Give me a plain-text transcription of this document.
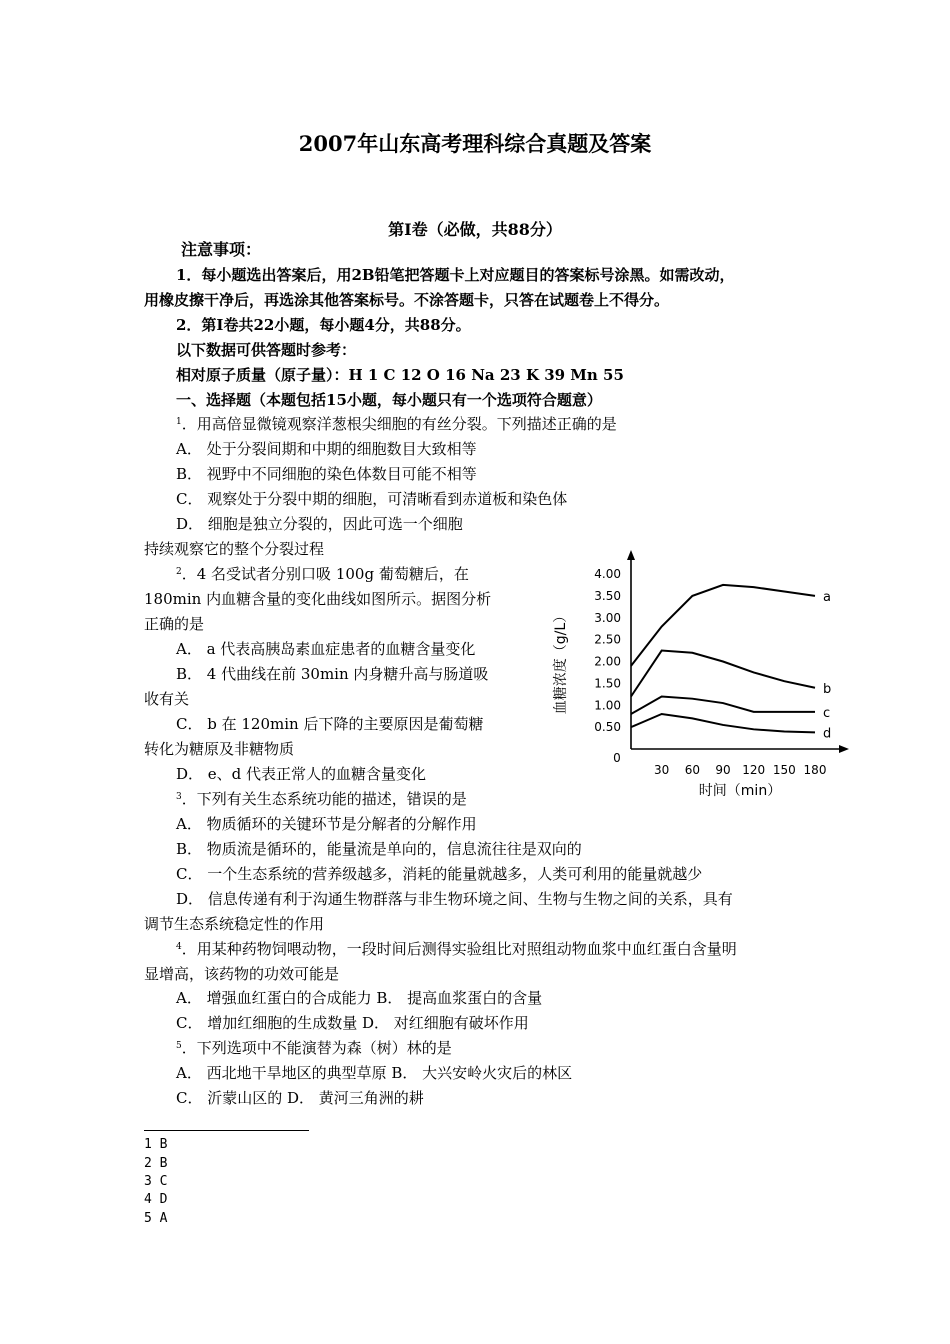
2007年山东高考理科综合真题及答案
第Ⅰ卷（必做，共88分）
注意事项：
1．每小题选出答案后，用2B铅笔把答题卡上对应题目的答案标号涂黑。如需改动，
用橡皮擦干净后，再选涂其他答案标号。不涂答题卡，只答在试题卷上不得分。
2．第Ⅰ卷共22小题，每小题4分，共88分。
以下数据可供答题时参考：
相对原子质量（原子量）：H 1 C 12 O 16 Na 23 K 39 Mn 55
一、选择题（本题包括15小题，每小题只有一个选项符合题意）
$^1$．用高倍显微镜观察洋葱根尖细胞的有丝分裂。下列描述正确的是
A． 处于分裂间期和中期的细胞数目大致相等
B． 视野中不同细胞的染色体数目可能不相等
C． 观察处于分裂中期的细胞，可清晰看到赤道板和染色体
D． 细胞是独立分裂的，因此可选一个细胞
持续观察它的整个分裂过程
$^2$．4 名受试者分别口吸 100g 葡萄糖后，在
180min 内血糖含量的变化曲线如图所示。据图分析
正确的是
A． a 代表高胰岛素血症患者的血糖含量变化
B． 4 代曲线在前 30min 内身糖升高与肠道吸
收有关
C． b 在 120min 后下降的主要原因是葡萄糖
转化为糖原及非糖物质
D． e、d 代表正常人的血糖含量变化
$^3$．下列有关生态系统功能的描述，错误的是
A． 物质循环的关键环节是分解者的分解作用
B． 物质流是循环的，能量流是单向的，信息流往往是双向的
C． 一个生态系统的营养级越多，消耗的能量就越多，人类可利用的能量就越少
D． 信息传递有利于沟通生物群落与非生物环境之间、生物与生物之间的关系，具有
调节生态系统稳定性的作用
$^4$．用某种药物饲喂动物，一段时间后测得实验组比对照组动物血浆中血红蛋白含量明
显增高，该药物的功效可能是
A． 增强血红蛋白的合成能力 B． 提高血浆蛋白的含量
C． 增加红细胞的生成数量 D． 对红细胞有破坏作用
$^5$．下列选项中不能演替为森（树）林的是
A． 西北地干旱地区的典型草原 B． 大兴安岭火灾后的林区
C． 沂蒙山区的 D． 黄河三角洲的耕
1 B
2 B
3 C
4 D
5 A
0
0.50
1.00
1.50
2.00
2.50
3.00
3.50
4.00
30 60 90 120 150 180
时间（min）
血糖浓度（g/L）
a
b
c
d
